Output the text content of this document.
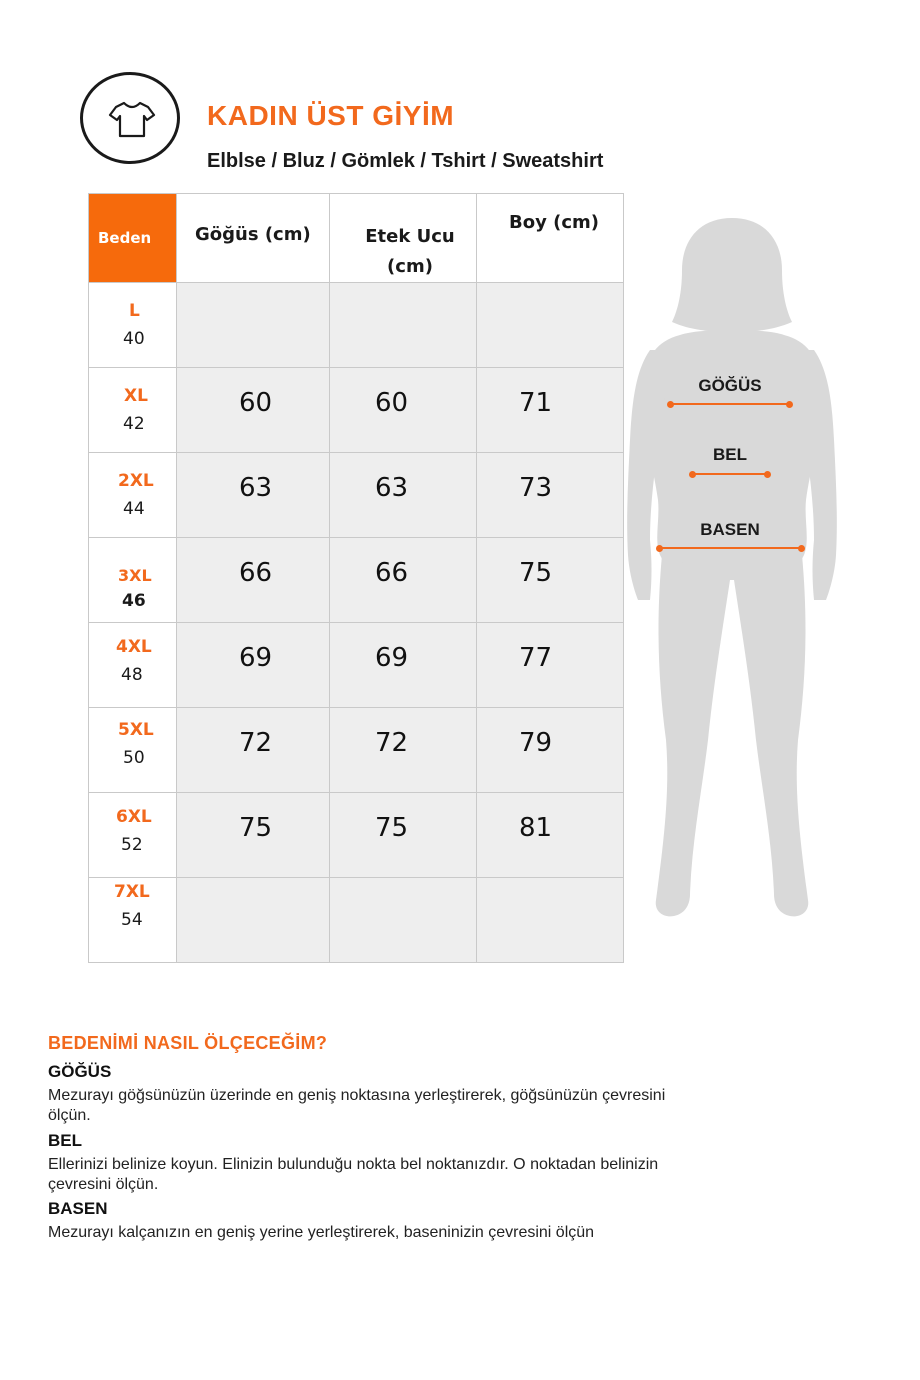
KADIN ÜST GİYİM
Elblse / Bluz / Gömlek / Tshirt / Sweatshirt
Beden	Göğüs (cm)	Etek Ucu (cm)	Boy (cm)

L
40			

XL
42	60	60	71

2XL
44	63	63	73

3XL
46	66	66	75

4XL
48	69	69	77

5XL
50	72	72	79

6XL
52	75	75	81

7XL
54			

GÖĞÜS
BEL
BASEN
BEDENİMİ NASIL ÖLÇECEĞİM?
GÖĞÜS
Mezurayı göğsünüzün üzerinde en geniş noktasına yerleştirerek, göğsünüzün çevresini ölçün.
BEL
Ellerinizi belinize koyun. Elinizin bulunduğu nokta bel noktanızdır. O noktadan belinizin çevresini ölçün.
BASEN
Mezurayı kalçanızın en geniş yerine yerleştirerek, baseninizin çevresini ölçün
